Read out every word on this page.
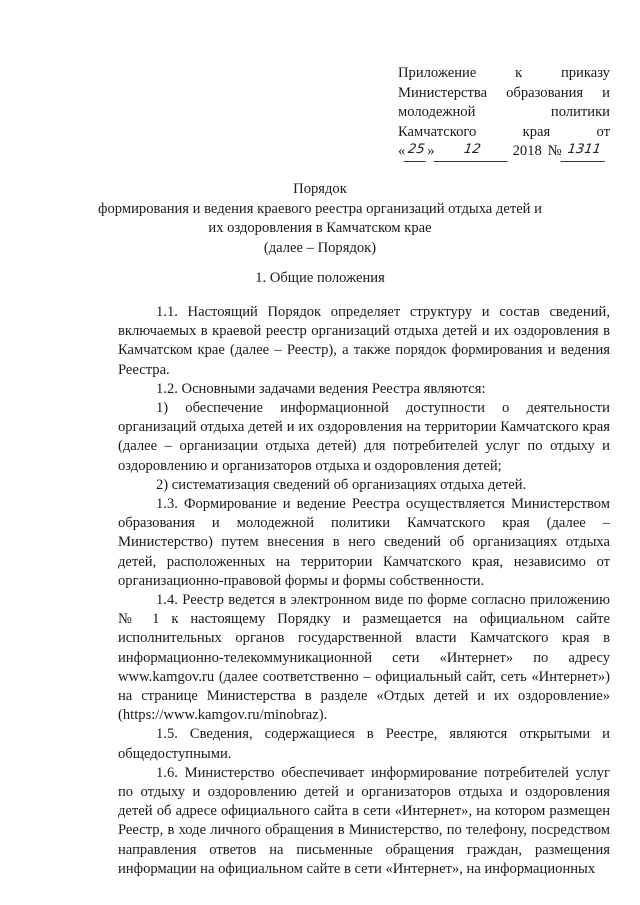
Приложение	к	приказу
Министерства образования и
молодежной	политики
Камчатского	края	от
« 25 »	12	2018 № 1311
Порядок
формирования и ведения краевого реестра организаций отдыха детей и их оздоровления в Камчатском крае
(далее – Порядок)
1. Общие положения

1.1. Настоящий Порядок определяет структуру и состав сведений, включаемых в краевой реестр организаций отдыха детей и их оздоровления в Камчатском крае (далее – Реестр), а также порядок формирования и ведения Реестра.

1.2. Основными задачами ведения Реестра являются:

1) обеспечение информационной доступности о деятельности организаций отдыха детей и их оздоровления на территории Камчатского края (далее – организации отдыха детей) для потребителей услуг по отдыху и оздоровлению и организаторов отдыха и оздоровления детей;

2) систематизация сведений об организациях отдыха детей.

1.3. Формирование и ведение Реестра осуществляется Министерством образования и молодежной политики Камчатского края (далее – Министерство) путем внесения в него сведений об организациях отдыха детей, расположенных на территории Камчатского края, независимо от организационно-правовой формы и формы собственности.

1.4. Реестр ведется в электронном виде по форме согласно приложению № 1 к настоящему Порядку и размещается на официальном сайте исполнительных органов государственной власти Камчатского края в информационно-телекоммуникационной сети «Интернет» по адресу www.kamgov.ru (далее соответственно – официальный сайт, сеть «Интернет») на странице Министерства в разделе «Отдых детей и их оздоровление» (https://www.kamgov.ru/minobraz).

1.5. Сведения, содержащиеся в Реестре, являются открытыми и общедоступными.

1.6. Министерство обеспечивает информирование потребителей услуг по отдыху и оздоровлению детей и организаторов отдыха и оздоровления детей об адресе официального сайта в сети «Интернет», на котором размещен Реестр, в ходе личного обращения в Министерство, по телефону, посредством направления ответов на письменные обращения граждан, размещения информации на официальном сайте в сети «Интернет», на информационных
